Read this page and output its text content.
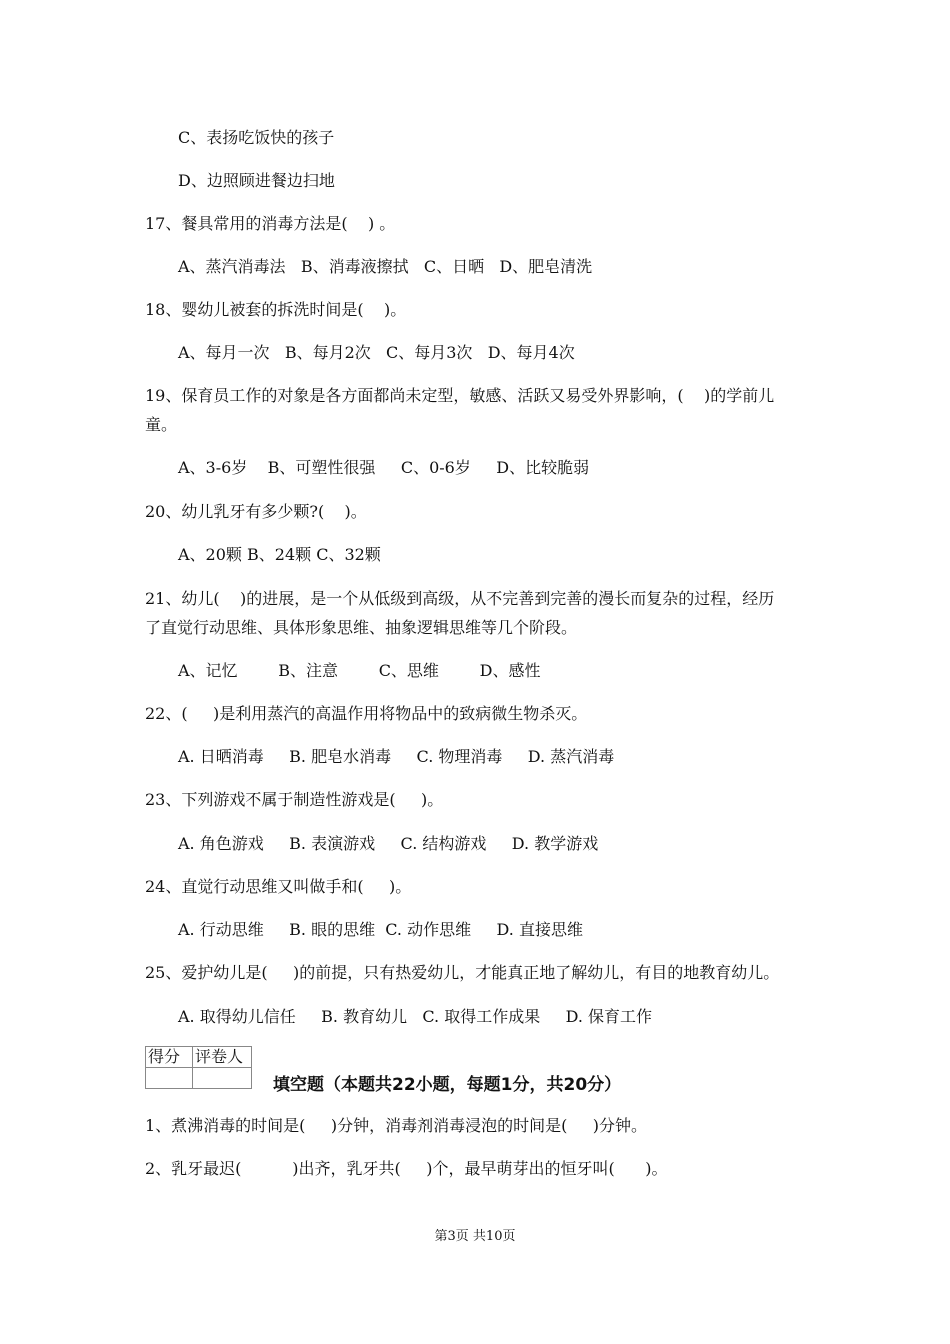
C、表扬吃饭快的孩子
D、边照顾进餐边扫地
17、餐具常用的消毒方法是(    ) 。
A、蒸汽消毒法   B、消毒液擦拭   C、日晒   D、肥皂清洗
18、婴幼儿被套的拆洗时间是(    )。
A、每月一次   B、每月2次   C、每月3次   D、每月4次
19、保育员工作的对象是各方面都尚未定型，敏感、活跃又易受外界影响，(    )的学前儿
童。
A、3-6岁    B、可塑性很强     C、0-6岁     D、比较脆弱
20、幼儿乳牙有多少颗?(    )。
A、20颗 B、24颗 C、32颗
21、幼儿(    )的进展，是一个从低级到高级，从不完善到完善的漫长而复杂的过程，经历
了直觉行动思维、具体形象思维、抽象逻辑思维等几个阶段。
A、记忆        B、注意        C、思维        D、感性
22、(     )是利用蒸汽的高温作用将物品中的致病微生物杀灭。
A. 日晒消毒     B. 肥皂水消毒     C. 物理消毒     D. 蒸汽消毒
23、下列游戏不属于制造性游戏是(     )。
A. 角色游戏     B. 表演游戏     C. 结构游戏     D. 教学游戏
24、直觉行动思维又叫做手和(     )。
A. 行动思维     B. 眼的思维  C. 动作思维     D. 直接思维
25、爱护幼儿是(     )的前提，只有热爱幼儿，才能真正地了解幼儿，有目的地教育幼儿。
A. 取得幼儿信任     B. 教育幼儿   C. 取得工作成果     D. 保育工作
得分	评卷人

填空题（本题共22小题，每题1分，共20分）
1、煮沸消毒的时间是(     )分钟，消毒剂消毒浸泡的时间是(     )分钟。
2、乳牙最迟(          )出齐，乳牙共(     )个，最早萌芽出的恒牙叫(      )。
第3页 共10页
